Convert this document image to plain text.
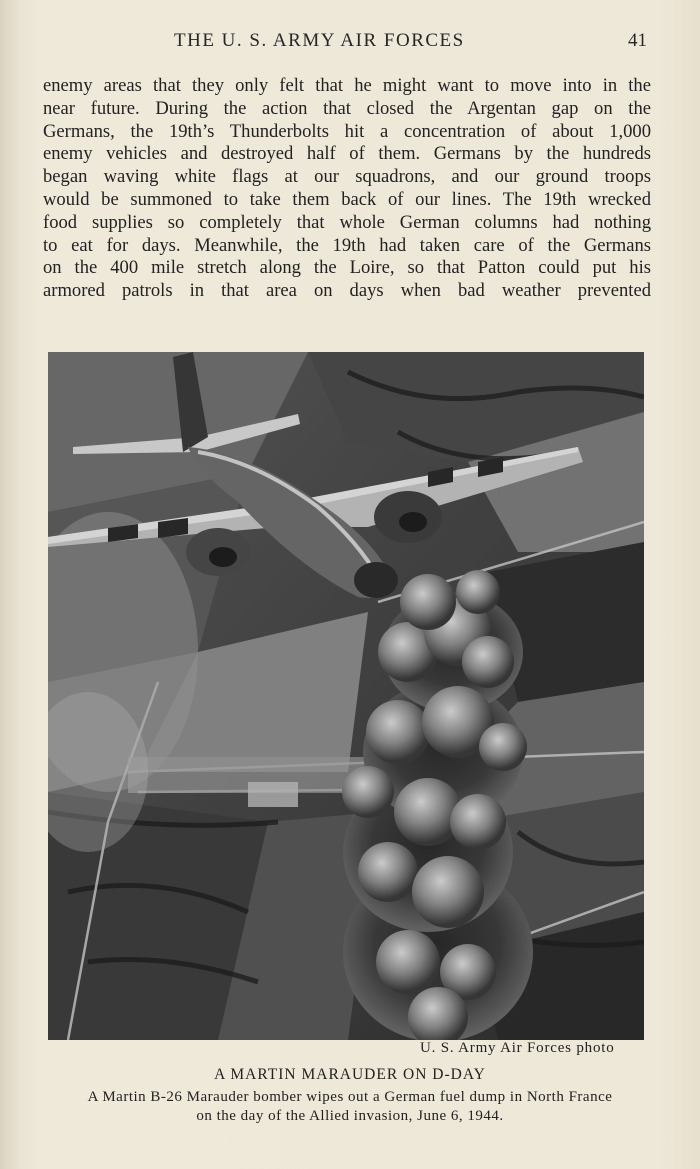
THE U. S. ARMY AIR FORCES	41
enemy areas that they only felt that he might want to move into in the
near future. During the action that closed the Argentan gap on the
Germans, the 19th’s Thunderbolts hit a concentration of about 1,000
enemy vehicles and destroyed half of them. Germans by the hundreds
began waving white flags at our squadrons, and our ground troops
would be summoned to take them back of our lines. The 19th wrecked
food supplies so completely that whole German columns had nothing
to eat for days. Meanwhile, the 19th had taken care of the Germans
on the 400 mile stretch along the Loire, so that Patton could put his
armored patrols in that area on days when bad weather prevented
U. S. Army Air Forces photo
A MARTIN MARAUDER ON D-DAY
A Martin B-26 Marauder bomber wipes out a German fuel dump in North France
on the day of the Allied invasion, June 6, 1944.
